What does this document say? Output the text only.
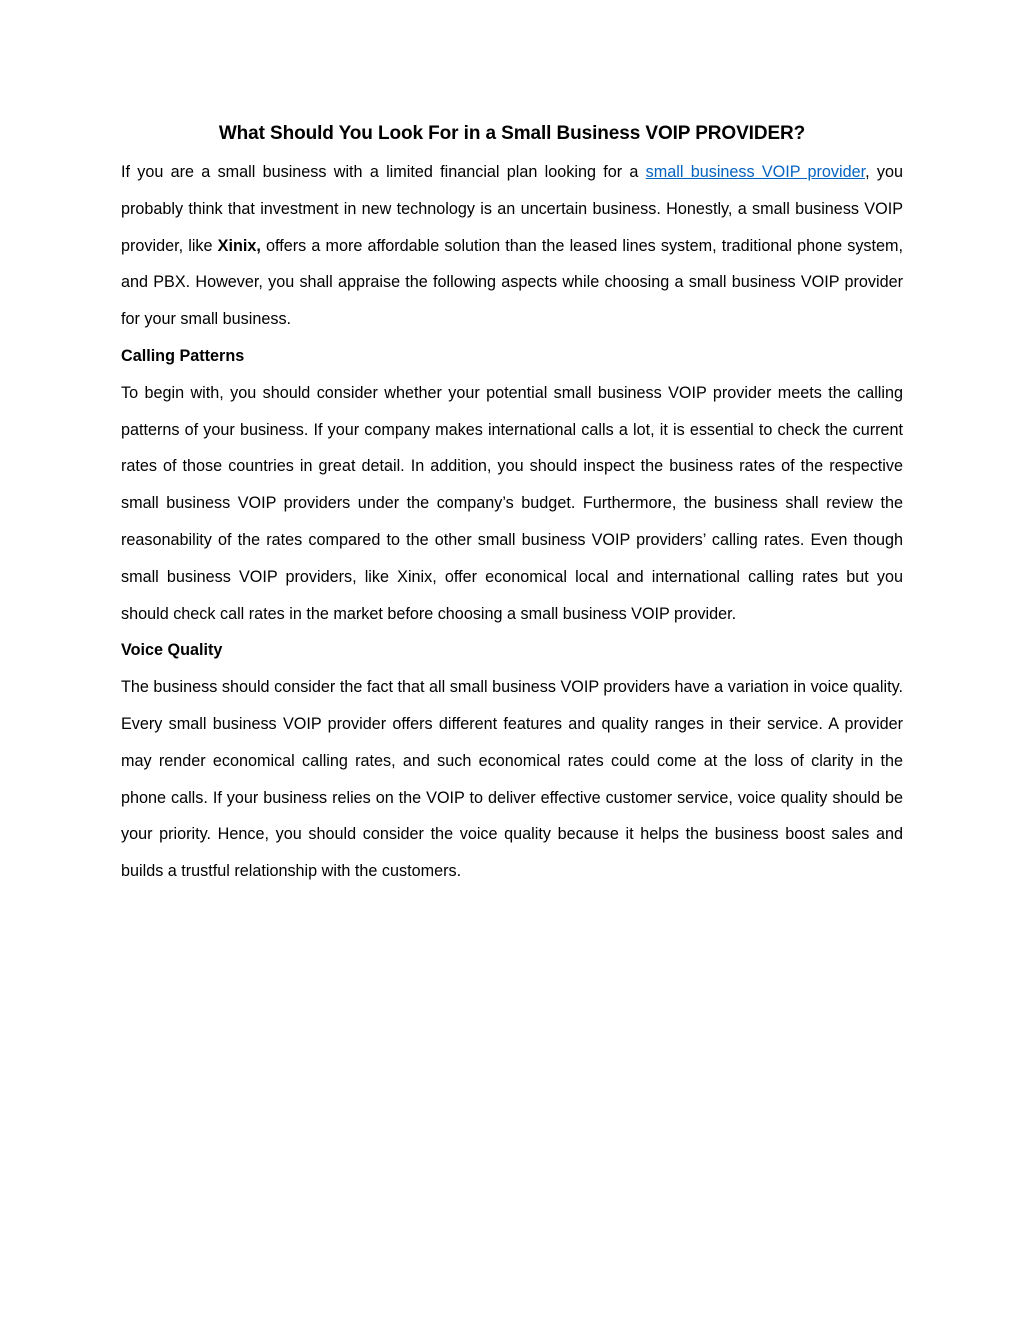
What Should You Look For in a Small Business VOIP PROVIDER?

If you are a small business with a limited financial plan looking for a small business VOIP provider, you probably think that investment in new technology is an uncertain business. Honestly, a small business VOIP provider, like Xinix, offers a more affordable solution than the leased lines system, traditional phone system, and PBX. However, you shall appraise the following aspects while choosing a small business VOIP provider for your small business.

Calling Patterns

To begin with, you should consider whether your potential small business VOIP provider meets the calling patterns of your business. If your company makes international calls a lot, it is essential to check the current rates of those countries in great detail. In addition, you should inspect the business rates of the respective small business VOIP providers under the company’s budget. Furthermore, the business shall review the reasonability of the rates compared to the other small business VOIP providers’ calling rates. Even though small business VOIP providers, like Xinix, offer economical local and international calling rates but you should check call rates in the market before choosing a small business VOIP provider.

Voice Quality

The business should consider the fact that all small business VOIP providers have a variation in voice quality. Every small business VOIP provider offers different features and quality ranges in their service. A provider may render economical calling rates, and such economical rates could come at the loss of clarity in the phone calls. If your business relies on the VOIP to deliver effective customer service, voice quality should be your priority. Hence, you should consider the voice quality because it helps the business boost sales and builds a trustful relationship with the customers.
